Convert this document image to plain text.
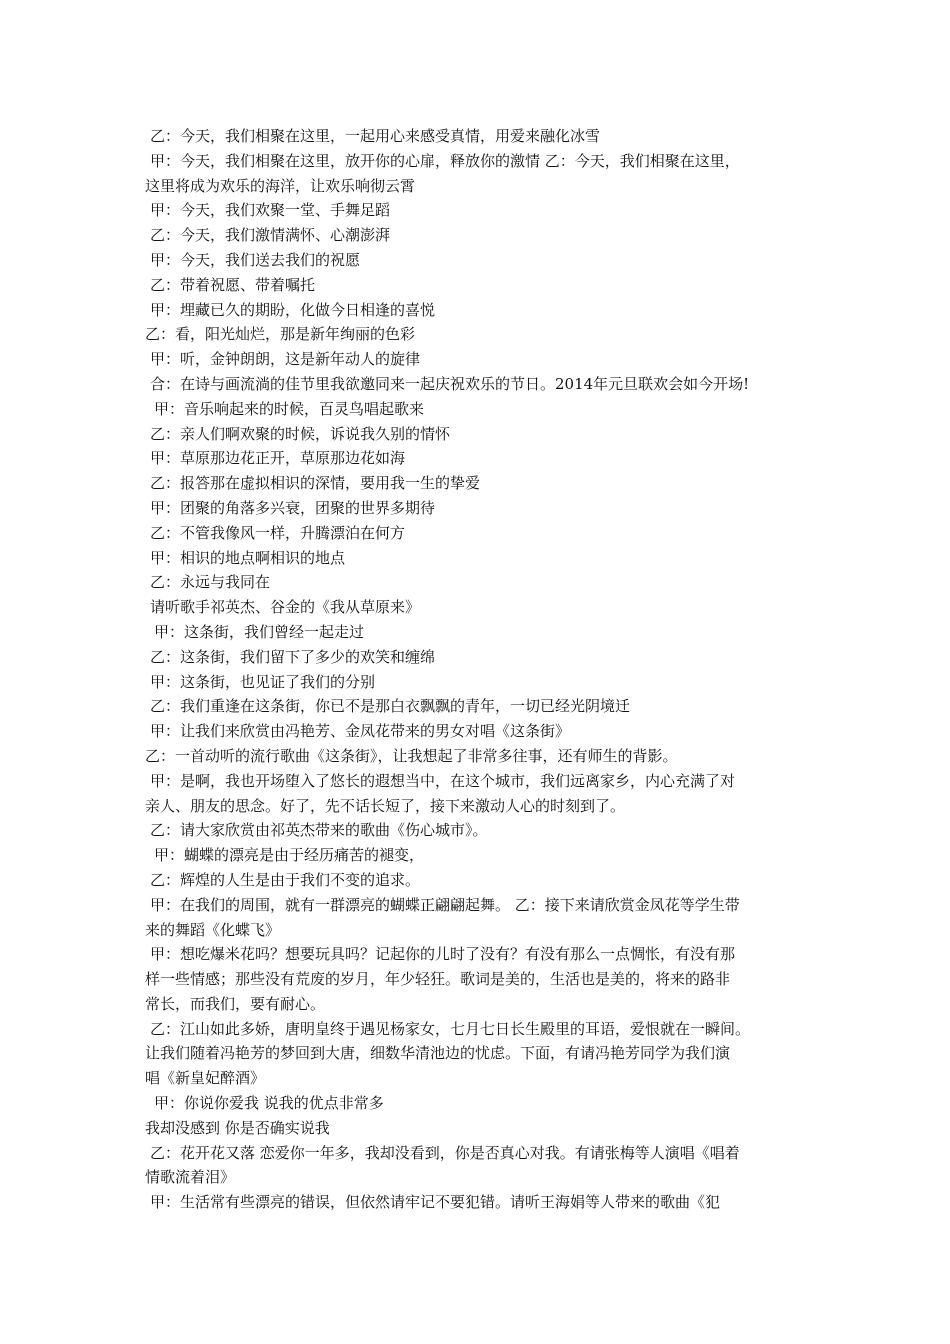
乙：今天，我们相聚在这里，一起用心来感受真情，用爱来融化冰雪
甲：今天，我们相聚在这里，放开你的心扉，释放你的激情 乙：今天，我们相聚在这里，
这里将成为欢乐的海洋，让欢乐响彻云霄
甲：今天，我们欢聚一堂、手舞足蹈
乙：今天，我们激情满怀、心潮澎湃
甲：今天，我们送去我们的祝愿
乙：带着祝愿、带着嘱托
甲：埋藏已久的期盼，化做今日相逢的喜悦
乙：看，阳光灿烂，那是新年绚丽的色彩
甲：听，金钟朗朗，这是新年动人的旋律
合：在诗与画流淌的佳节里我欲邀同来一起庆祝欢乐的节日。2014年元旦联欢会如今开场!
甲：音乐响起来的时候，百灵鸟唱起歌来
乙：亲人们啊欢聚的时候，诉说我久别的情怀
甲：草原那边花正开，草原那边花如海
乙：报答那在虚拟相识的深情，要用我一生的挚爱
甲：团聚的角落多兴衰，团聚的世界多期待
乙：不管我像风一样，升腾漂泊在何方
甲：相识的地点啊相识的地点
乙：永远与我同在
请听歌手祁英杰、谷金的《我从草原来》
甲：这条街，我们曾经一起走过
乙：这条街，我们留下了多少的欢笑和缠绵
甲：这条街，也见证了我们的分别
乙：我们重逢在这条街，你已不是那白衣飘飘的青年，一切已经光阴境迁
甲：让我们来欣赏由冯艳芳、金凤花带来的男女对唱《这条街》
乙：一首动听的流行歌曲《这条街》，让我想起了非常多往事，还有师生的背影。
甲：是啊，我也开场堕入了悠长的遐想当中，在这个城市，我们远离家乡，内心充满了对
亲人、朋友的思念。好了，先不话长短了，接下来激动人心的时刻到了。
乙：请大家欣赏由祁英杰带来的歌曲《伤心城市》。
甲：蝴蝶的漂亮是由于经历痛苦的褪变，
乙：辉煌的人生是由于我们不变的追求。
甲：在我们的周围，就有一群漂亮的蝴蝶正翩翩起舞。 乙：接下来请欣赏金凤花等学生带
来的舞蹈《化蝶飞》
甲：想吃爆米花吗？想要玩具吗？记起你的儿时了没有？有没有那么一点惆怅，有没有那
样一些情感；那些没有荒废的岁月，年少轻狂。歌词是美的，生活也是美的，将来的路非
常长，而我们，要有耐心。
乙：江山如此多娇，唐明皇终于遇见杨家女，七月七日长生殿里的耳语，爱恨就在一瞬间。
让我们随着冯艳芳的梦回到大唐，细数华清池边的忧虑。下面，有请冯艳芳同学为我们演
唱《新皇妃醉酒》
甲：你说你爱我 说我的优点非常多
我却没感到 你是否确实说我
乙：花开花又落 恋爱你一年多，我却没看到，你是否真心对我。有请张梅等人演唱《唱着
情歌流着泪》
甲：生活常有些漂亮的错误，但依然请牢记不要犯错。请听王海娟等人带来的歌曲《犯
